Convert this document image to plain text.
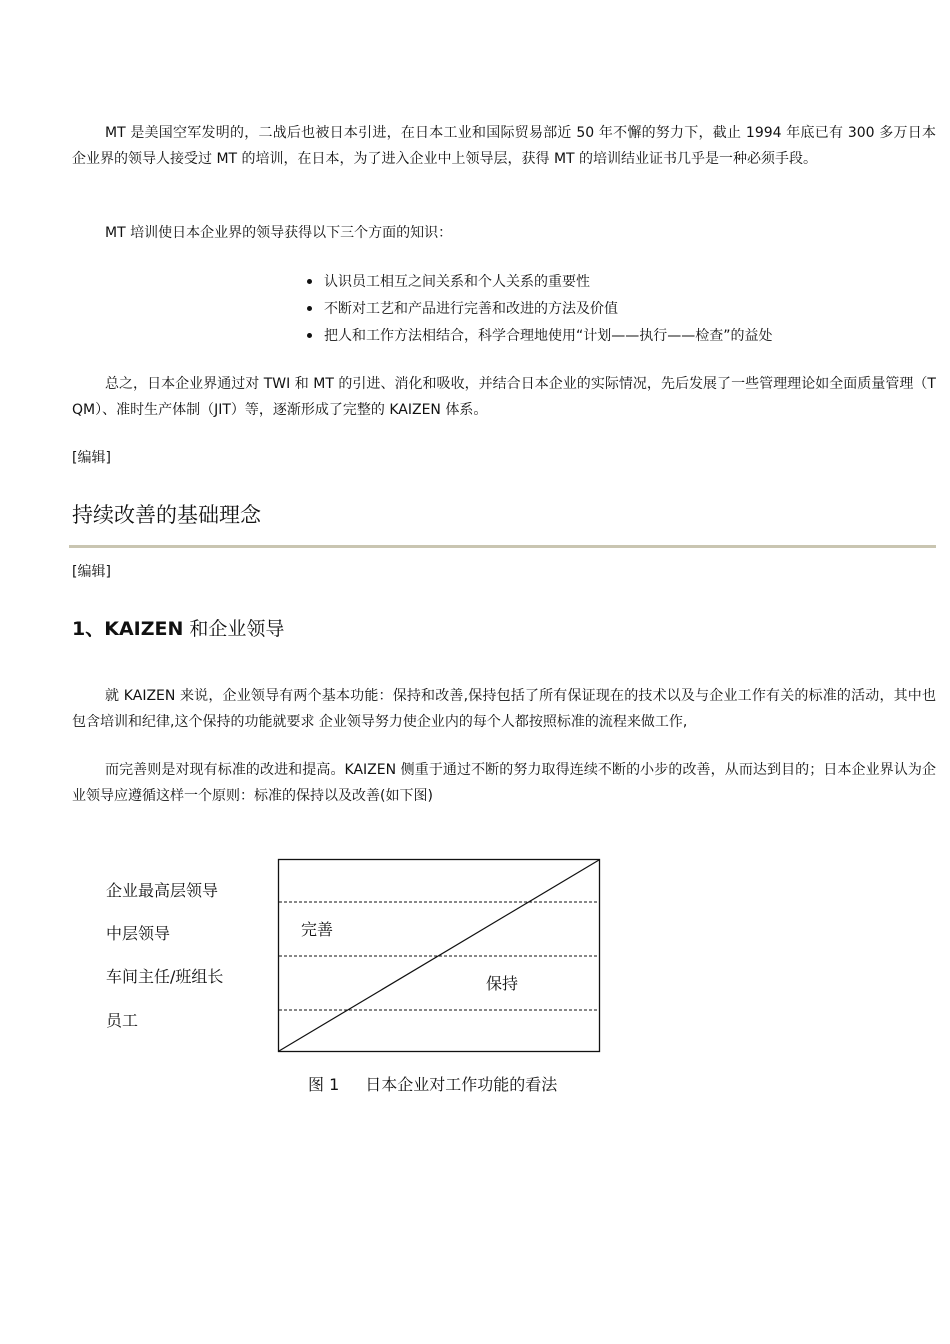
MT 是美国空军发明的，二战后也被日本引进，在日本工业和国际贸易部近 50 年不懈的努力下，截止 1994 年底已有 300 多万日本企业界的领导人接受过 MT 的培训，在日本，为了进入企业中上领导层，获得 MT 的培训结业证书几乎是一种必须手段。

MT 培训使日本企业界的领导获得以下三个方面的知识：

认识员工相互之间关系和个人关系的重要性
不断对工艺和产品进行完善和改进的方法及价值
把人和工作方法相结合，科学合理地使用“计划——执行——检查”的益处

总之，日本企业界通过对 TWI 和 MT 的引进、消化和吸收，并结合日本企业的实际情况，先后发展了一些管理理论如全面质量管理（TQM）、准时生产体制（JIT）等，逐渐形成了完整的 KAIZEN 体系。

[编辑]
持续改善的基础理念
[编辑]
1、KAIZEN 和企业领导

就 KAIZEN 来说，企业领导有两个基本功能：保持和改善,保持包括了所有保证现在的技术以及与企业工作有关的标准的活动，其中也包含培训和纪律,这个保持的功能就要求 企业领导努力使企业内的每个人都按照标准的流程来做工作,

而完善则是对现有标准的改进和提高。KAIZEN 侧重于通过不断的努力取得连续不断的小步的改善，从而达到目的；日本企业界认为企业领导应遵循这样一个原则：标准的保持以及改善(如下图)

企业最高层领导
中层领导
车间主任/班组长
员工
完善
保持
图 1 日本企业对工作功能的看法
